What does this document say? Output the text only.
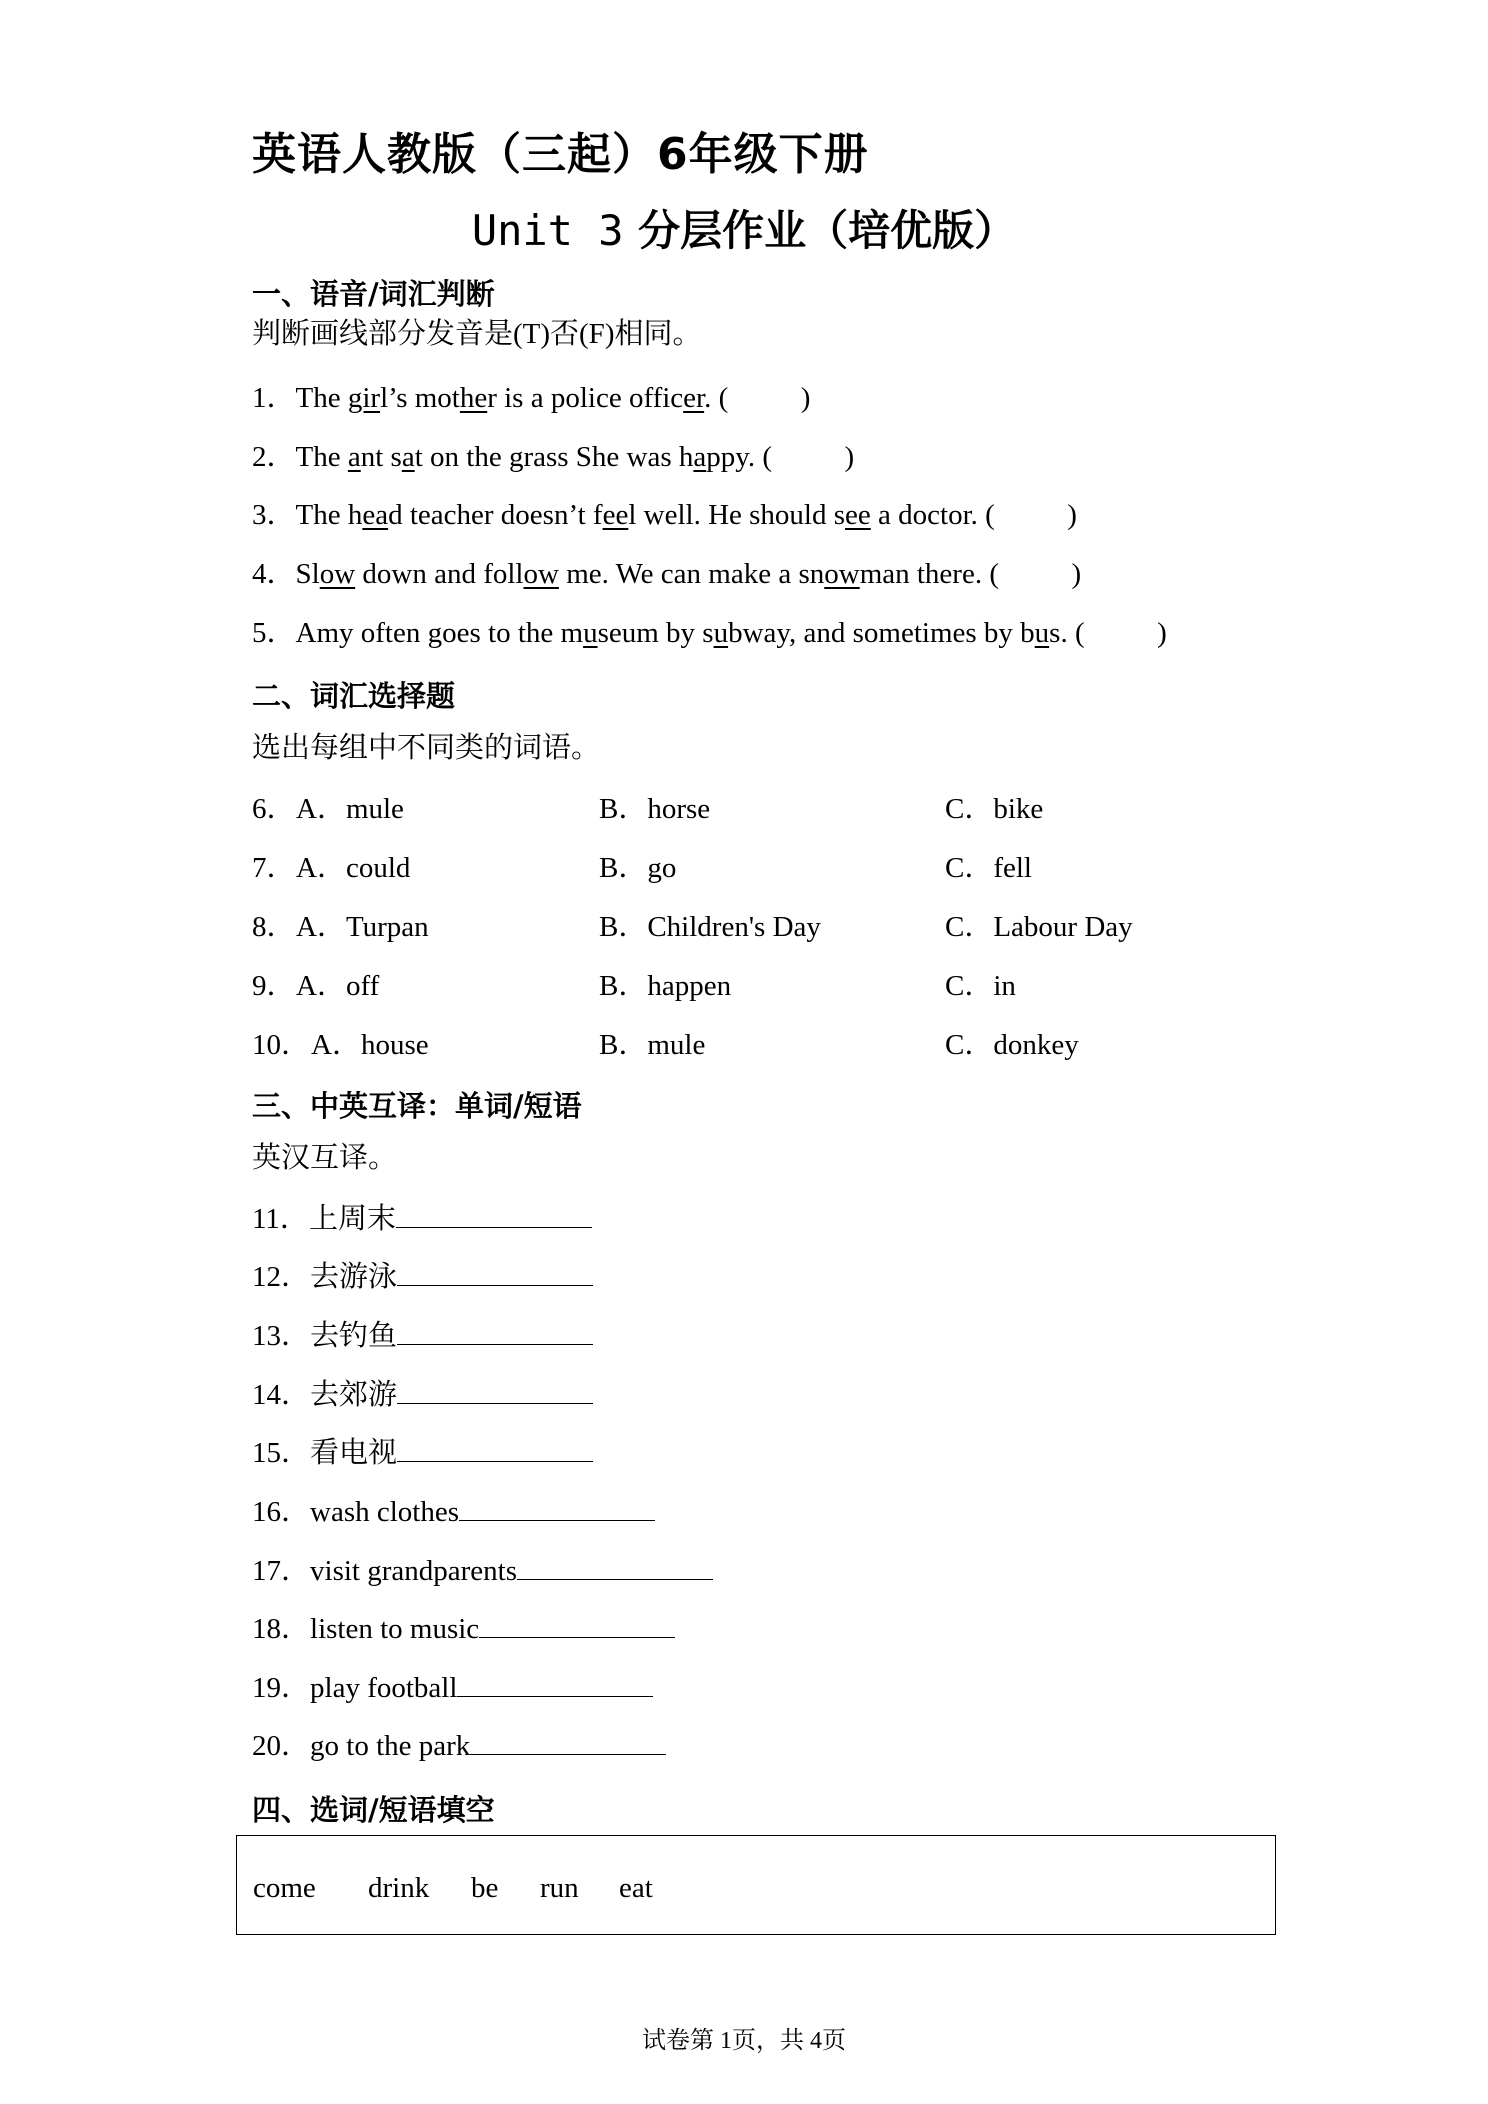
英语人教版（三起）6年级下册
Unit 3 分层作业（培优版）
一、语音/词汇判断
判断画线部分发音是(T)否(F)相同。
1．The girl’s mother is a police officer. (          )
2．The ant sat on the grass She was happy. (          )
3．The head teacher doesn’t feel well. He should see a doctor. (          )
4．Slow down and follow me. We can make a snowman there. (          )
5．Amy often goes to the museum by subway, and sometimes by bus. (          )
二、词汇选择题
选出每组中不同类的词语。
6． A．mule	B．horse	C．bike
7． A．could	B．go	C．fell
8． A．Turpan	B．Children's Day	C．Labour Day
9． A．off	B．happen	C．in
10． A．house	B．mule	C．donkey
三、中英互译：单词/短语
英汉互译。
11．上周末
12．去游泳
13．去钓鱼
14．去郊游
15．看电视
16．wash clothes
17．visit grandparents
18．listen to music
19．play football
20．go to the park
四、选词/短语填空
come drink be run eat
试卷第 1页，共 4页
